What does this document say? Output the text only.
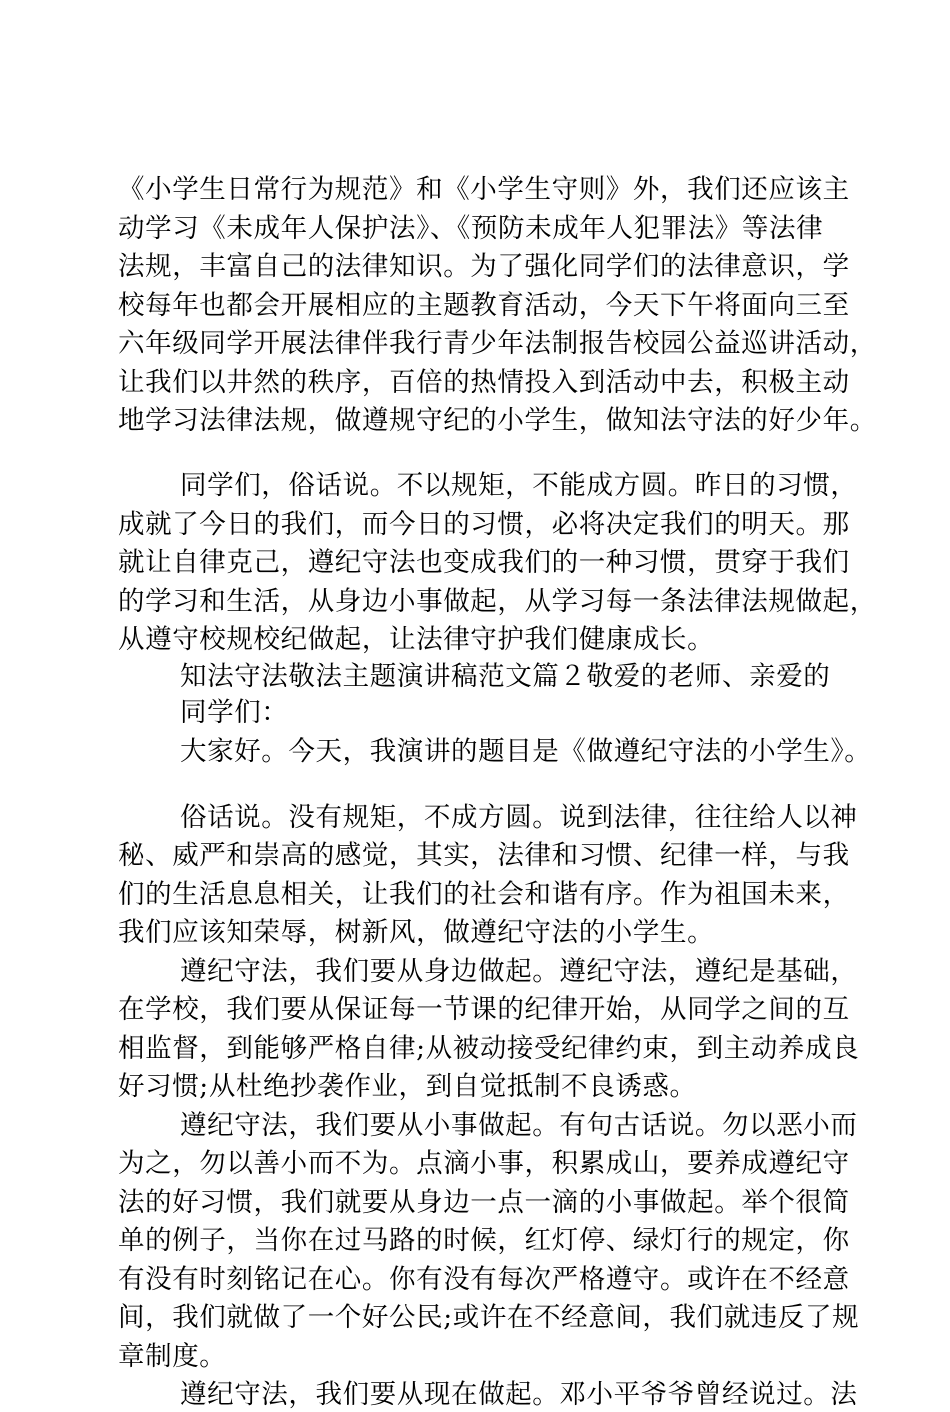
《小学生日常行为规范》和《小学生守则》外，我们还应该主
动学习《未成年人保护法》、《预防未成年人犯罪法》等法律
法规，丰富自己的法律知识。为了强化同学们的法律意识，学
校每年也都会开展相应的主题教育活动，今天下午将面向三至
六年级同学开展法律伴我行青少年法制报告校园公益巡讲活动，
让我们以井然的秩序，百倍的热情投入到活动中去，积极主动
地学习法律法规，做遵规守纪的小学生，做知法守法的好少年。
同学们，俗话说。不以规矩，不能成方圆。昨日的习惯，
成就了今日的我们，而今日的习惯，必将决定我们的明天。那
就让自律克己，遵纪守法也变成我们的一种习惯，贯穿于我们
的学习和生活，从身边小事做起，从学习每一条法律法规做起，
从遵守校规校纪做起，让法律守护我们健康成长。
知法守法敬法主题演讲稿范文篇２敬爱的老师、亲爱的
同学们：
大家好。今天，我演讲的题目是《做遵纪守法的小学生》。
俗话说。没有规矩，不成方圆。说到法律，往往给人以神
秘、威严和崇高的感觉，其实，法律和习惯、纪律一样，与我
们的生活息息相关，让我们的社会和谐有序。作为祖国未来，
我们应该知荣辱，树新风，做遵纪守法的小学生。
遵纪守法，我们要从身边做起。遵纪守法，遵纪是基础，
在学校，我们要从保证每一节课的纪律开始，从同学之间的互
相监督，到能够严格自律;从被动接受纪律约束，到主动养成良
好习惯;从杜绝抄袭作业，到自觉抵制不良诱惑。
遵纪守法，我们要从小事做起。有句古话说。勿以恶小而
为之，勿以善小而不为。点滴小事，积累成山，要养成遵纪守
法的好习惯，我们就要从身边一点一滴的小事做起。举个很简
单的例子，当你在过马路的时候，红灯停、绿灯行的规定，你
有没有时刻铭记在心。你有没有每次严格遵守。或许在不经意
间，我们就做了一个好公民;或许在不经意间，我们就违反了规
章制度。
遵纪守法，我们要从现在做起。邓小平爷爷曾经说过。法
